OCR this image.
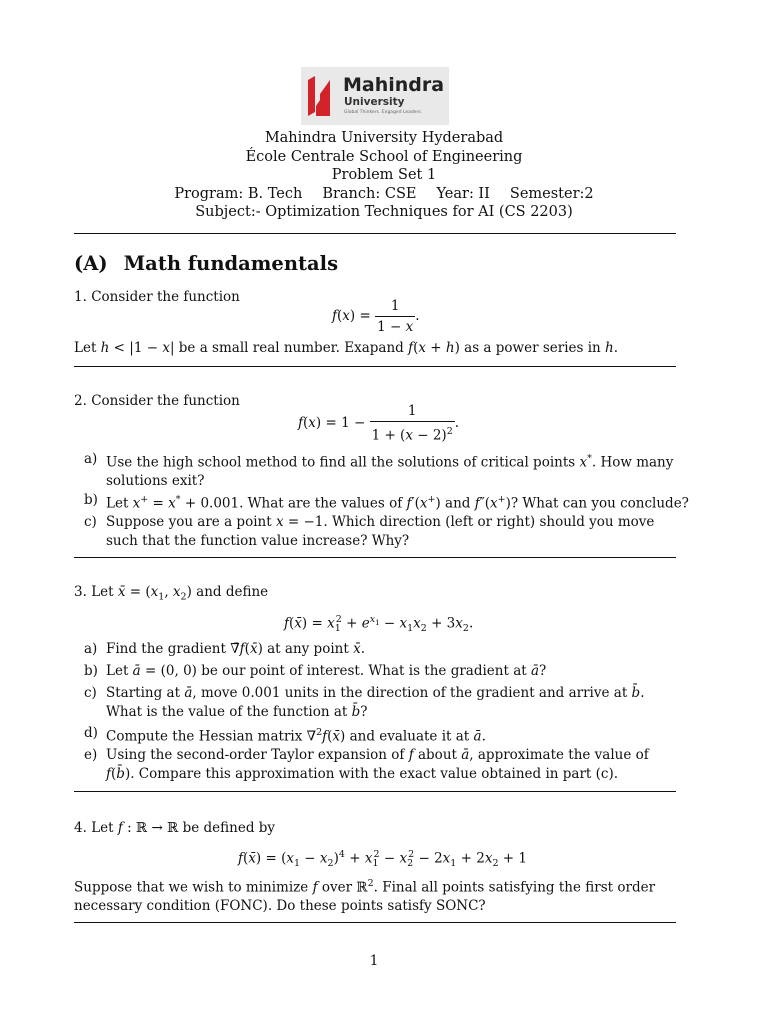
Mahindra
University
Global Thinkers. Engaged Leaders.
Mahindra University Hyderabad
École Centrale School of Engineering
Problem Set 1
Program: B. Tech Branch: CSE Year: II Semester:2
Subject:- Optimization Techniques for AI (CS 2203)
(A) Math fundamentals
1. Consider the function
$f(x) = \frac{1}{1 - x}$ .
Let h < |1 − x| be a small real number. Exapand f(x + h) as a power series in h.
2. Consider the function
$f(x) = 1 - \frac{1}{1 + (x - 2)^2}$ .
a) Use the high school method to find all the solutions of critical points x*. How many solutions exit?
b) Let x+ = x* + 0.001. What are the values of f′(x+) and f″(x+)? What can you conclude?
c) Suppose you are a point x = −1. Which direction (left or right) should you move such that the function value increase? Why?
3. Let x̄ = ($x_1$, $x_2$) and define
f(x̄) = $x_1^2 + e^{x_1} - x_1x_2 + 3x_2$.
a) Find the gradient ∇̄f(x̄) at any point x̄.
b) Let ā = (0, 0) be our point of interest. What is the gradient at ā?
c) Starting at ā, move 0.001 units in the direction of the gradient and arrive at b̄. What is the value of the function at b̄?
d) Compute the Hessian matrix ∇$^2$f(x̄) and evaluate it at ā.
e) Using the second-order Taylor expansion of f about ā, approximate the value of f(b̄). Compare this approximation with the exact value obtained in part (c).
4. Let f : ℝ → ℝ be defined by
f(x̄) = $(x_1 - x_2)^4 + x_1^2 - x_2^2 - 2x_1 + 2x_2 + 1$
Suppose that we wish to minimize f over ℝ$^2$. Final all points satisfying the first order necessary condition (FONC). Do these points satisfy SONC?
1
